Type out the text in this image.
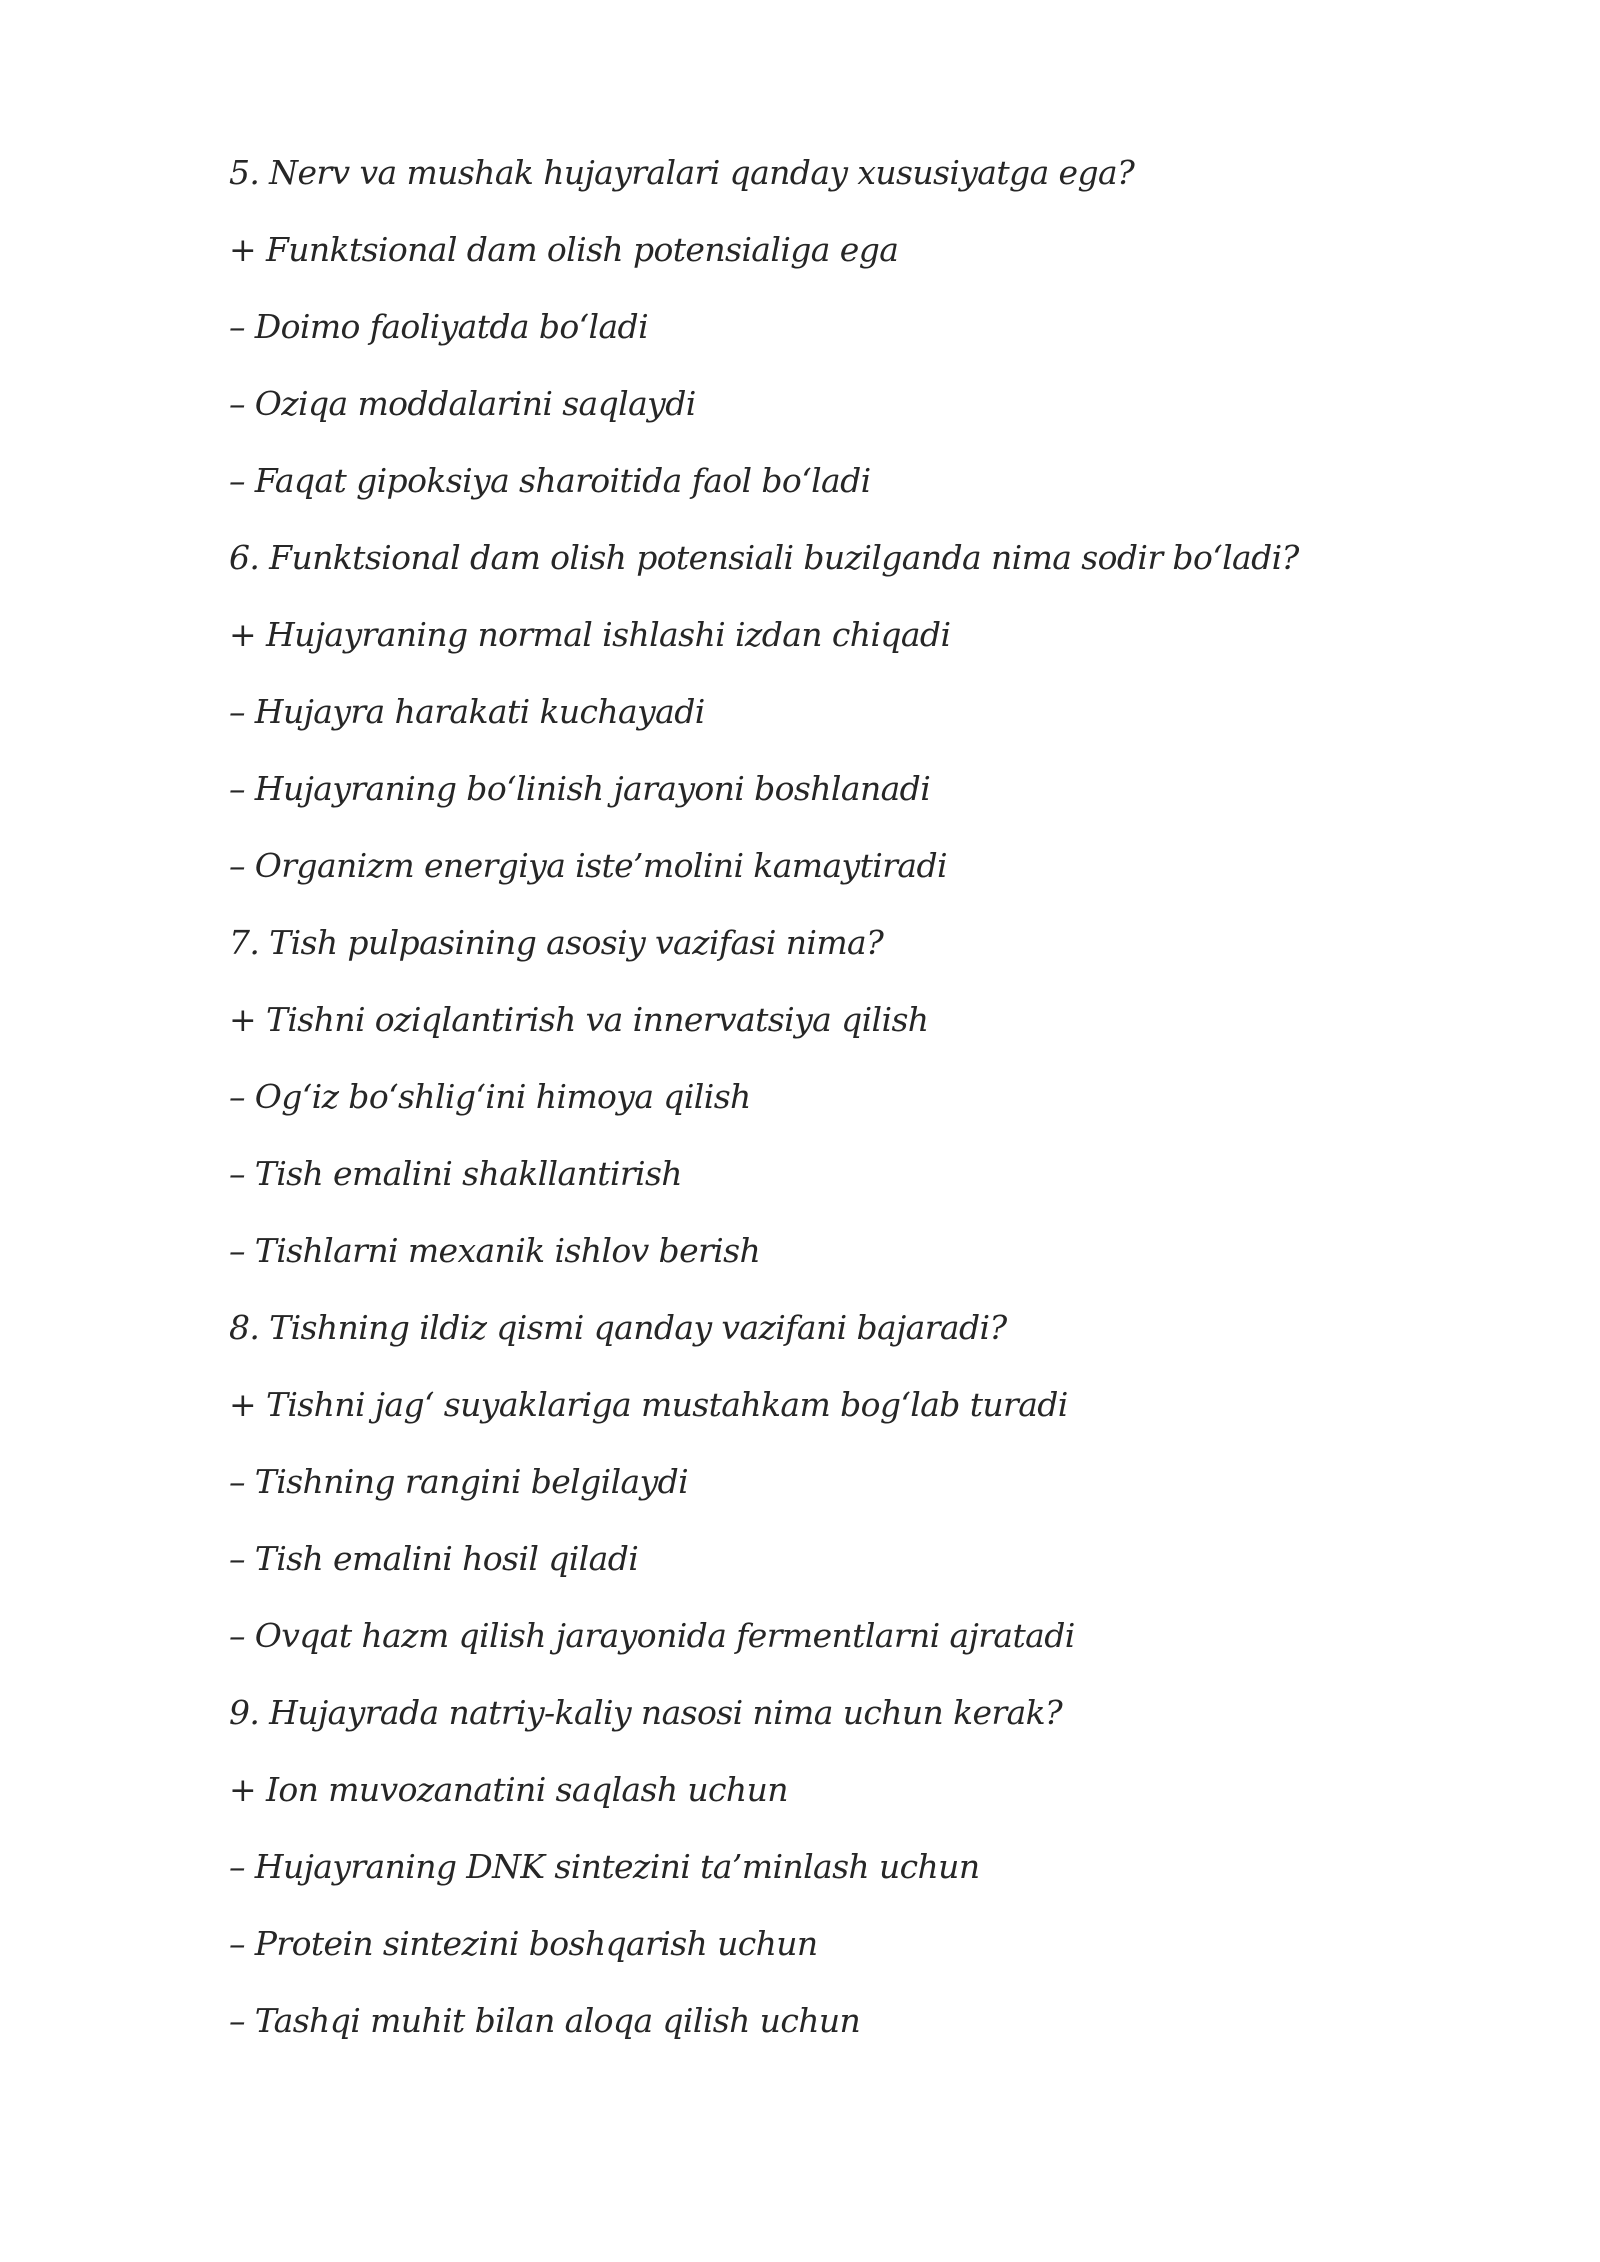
5. Nerv va mushak hujayralari qanday xususiyatga ega?
+ Funktsional dam olish potensialiga ega
– Doimo faoliyatda bo‘ladi
– Oziqa moddalarini saqlaydi
– Faqat gipoksiya sharoitida faol bo‘ladi
6. Funktsional dam olish potensiali buzilganda nima sodir bo‘ladi?
+ Hujayraning normal ishlashi izdan chiqadi
– Hujayra harakati kuchayadi
– Hujayraning bo‘linish jarayoni boshlanadi
– Organizm energiya iste’molini kamaytiradi
7. Tish pulpasining asosiy vazifasi nima?
+ Tishni oziqlantirish va innervatsiya qilish
– Og‘iz bo‘shlig‘ini himoya qilish
– Tish emalini shakllantirish
– Tishlarni mexanik ishlov berish
8. Tishning ildiz qismi qanday vazifani bajaradi?
+ Tishni jag‘ suyaklariga mustahkam bog‘lab turadi
– Tishning rangini belgilaydi
– Tish emalini hosil qiladi
– Ovqat hazm qilish jarayonida fermentlarni ajratadi
9. Hujayrada natriy-kaliy nasosi nima uchun kerak?
+ Ion muvozanatini saqlash uchun
– Hujayraning DNK sintezini ta’minlash uchun
– Protein sintezini boshqarish uchun
– Tashqi muhit bilan aloqa qilish uchun
